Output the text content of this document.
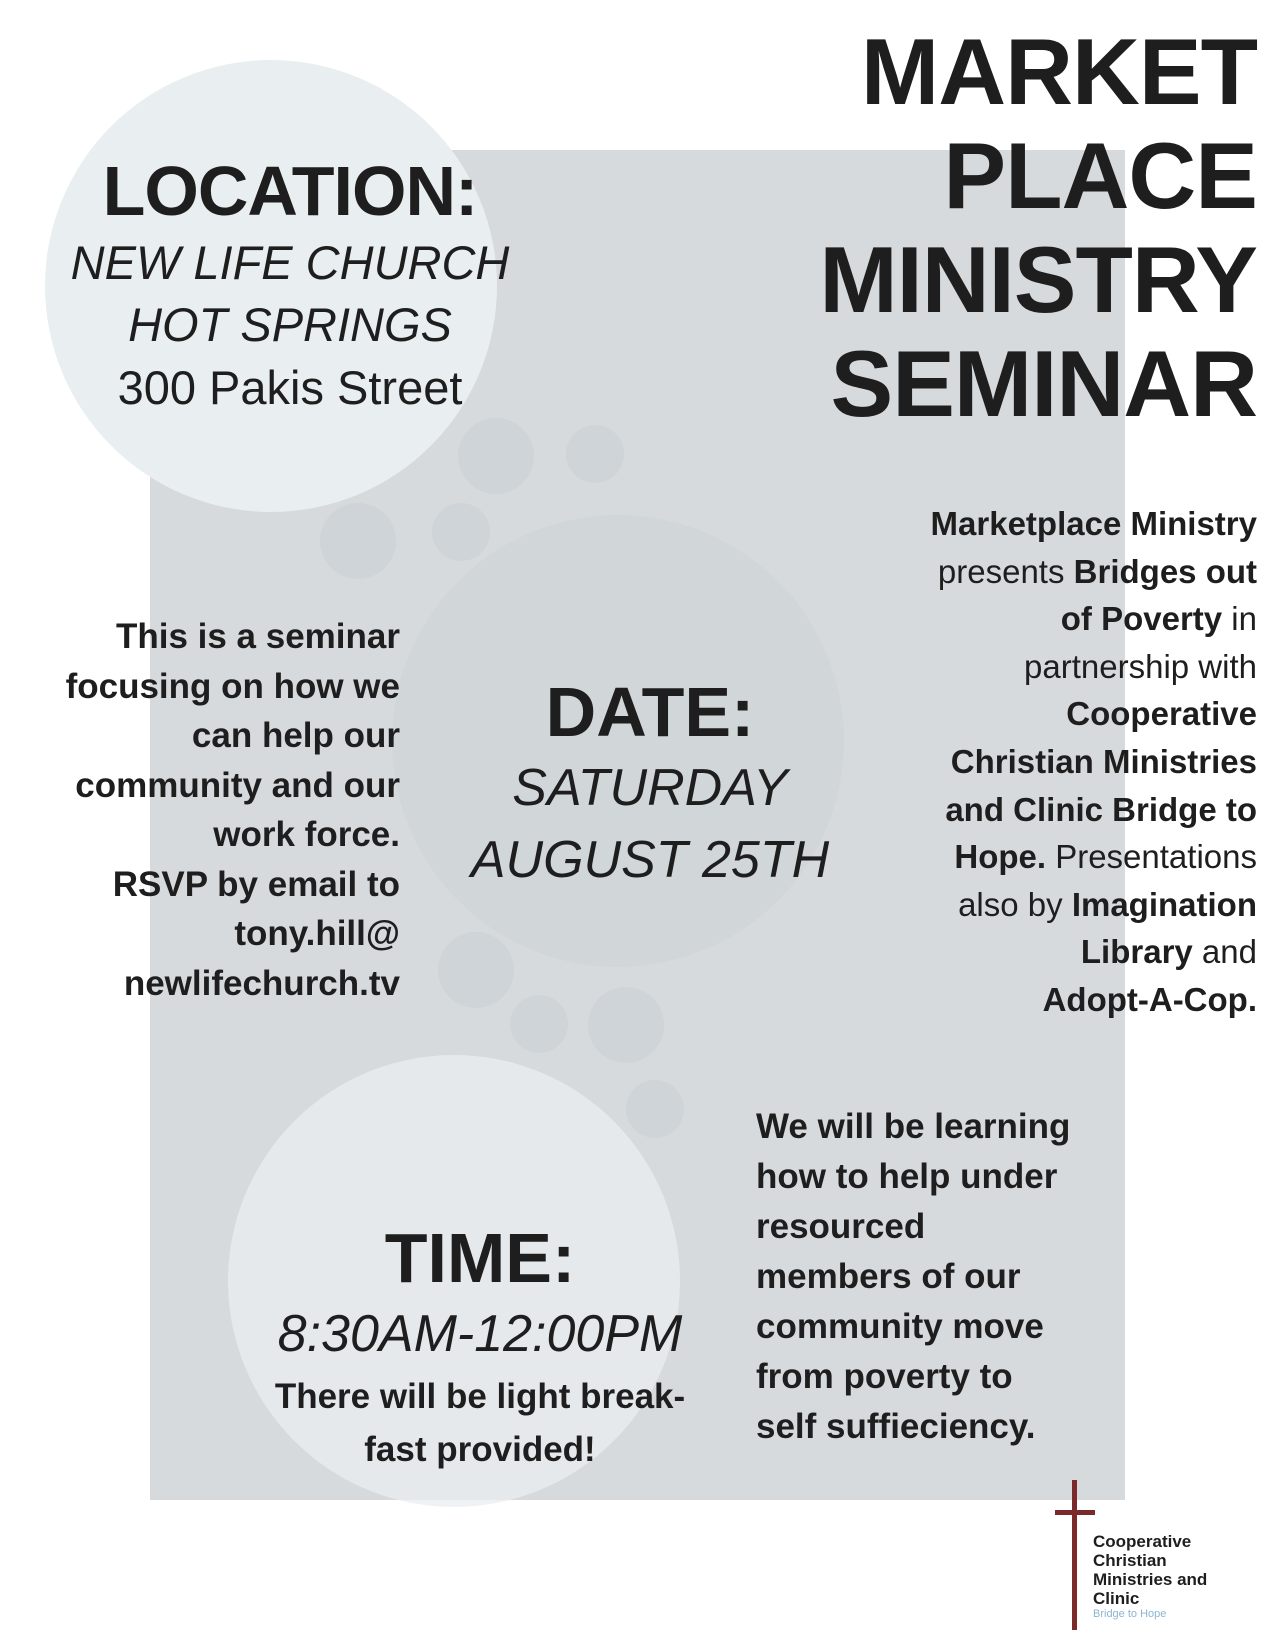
MARKET
PLACE
MINISTRY
SEMINAR
LOCATION:
NEW LIFE CHURCH
HOT SPRINGS
300 Pakis Street
This is a seminar
focusing on how we
can help our
community and our
work force.
RSVP by email to
tony.hill@
newlifechurch.tv
DATE:
SATURDAY
AUGUST 25TH
Marketplace Ministry
presents Bridges out
of Poverty in
partnership with
Cooperative
Christian Ministries
and Clinic Bridge to
Hope. Presentations
also by Imagination
Library and
Adopt-A-Cop.
We will be learning
how to help under
resourced
members of our
community move
from poverty to
self suffieciency.
TIME:
8:30AM-12:00PM
There will be light break-
fast provided!
Cooperative
Christian
Ministries and
Clinic
Bridge to Hope
